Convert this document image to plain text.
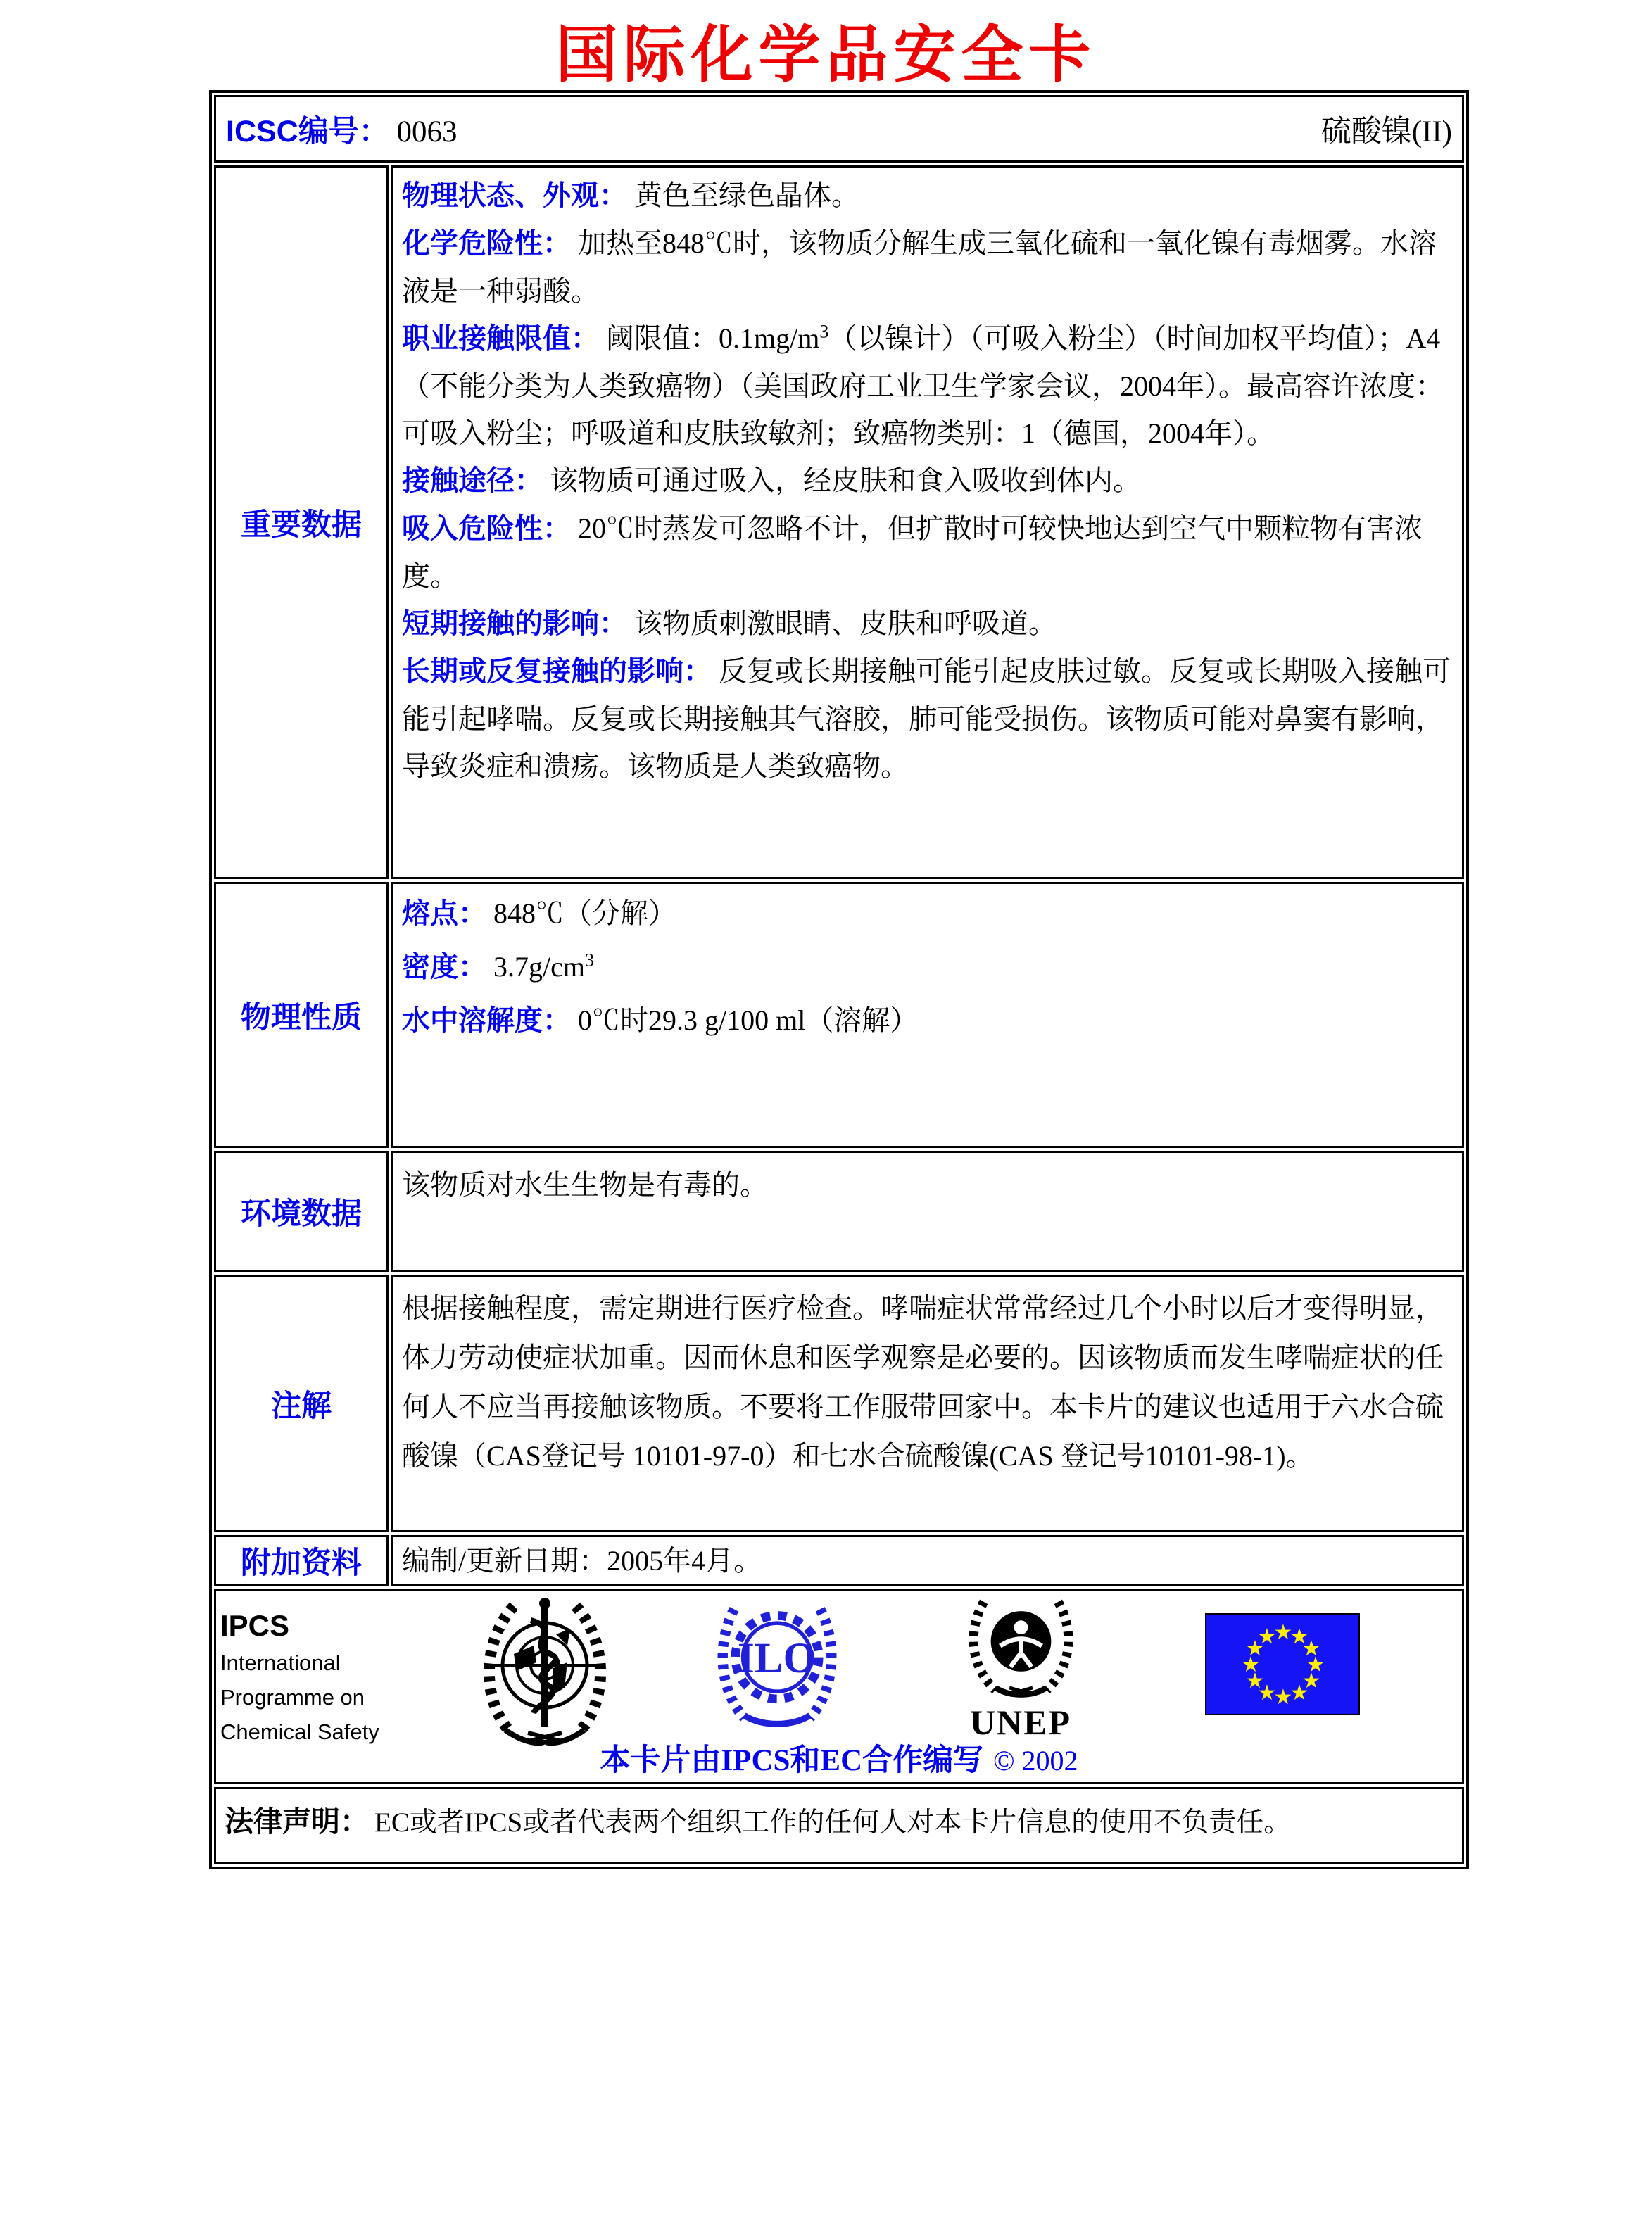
国际化学品安全卡
ICSC编号： 0063	硫酸镍(II)
重要数据
物理状态、外观： 黄色至绿色晶体。
化学危险性： 加热至848℃时，该物质分解生成三氧化硫和一氧化镍有毒烟雾。水溶液是一种弱酸。
职业接触限值： 阈限值：$0.1mg/m^3$（以镍计）（可吸入粉尘）（时间加权平均值）；A4（不能分类为人类致癌物）（美国政府工业卫生学家会议，2004年）。最高容许浓度：可吸入粉尘；呼吸道和皮肤致敏剂；致癌物类别：1（德国，2004年）。
接触途径： 该物质可通过吸入，经皮肤和食入吸收到体内。
吸入危险性： 20℃时蒸发可忽略不计，但扩散时可较快地达到空气中颗粒物有害浓度。
短期接触的影响： 该物质刺激眼睛、皮肤和呼吸道。
长期或反复接触的影响： 反复或长期接触可能引起皮肤过敏。反复或长期吸入接触可能引起哮喘。反复或长期接触其气溶胶，肺可能受损伤。该物质可能对鼻窦有影响，导致炎症和溃疡。该物质是人类致癌物。
物理性质
熔点： 848℃（分解）
密度： $3.7g/cm^3$
水中溶解度： 0℃时29.3 g/100 ml（溶解）
环境数据
该物质对水生生物是有毒的。
注解
根据接触程度，需定期进行医疗检查。哮喘症状常常经过几个小时以后才变得明显，体力劳动使症状加重。因而休息和医学观察是必要的。因该物质而发生哮喘症状的任何人不应当再接触该物质。不要将工作服带回家中。本卡片的建议也适用于六水合硫酸镍（CAS登记号 10101-97-0）和七水合硫酸镍(CAS 登记号10101-98-1)。
附加资料	编制/更新日期：2005年4月。
IPCS
International
Programme on
Chemical Safety
ILO
UNEP
★
★
★
★
★
★
★
★
★
★
★
★
本卡片由IPCS和EC合作编写 © 2002
法律声明： EC或者IPCS或者代表两个组织工作的任何人对本卡片信息的使用不负责任。
